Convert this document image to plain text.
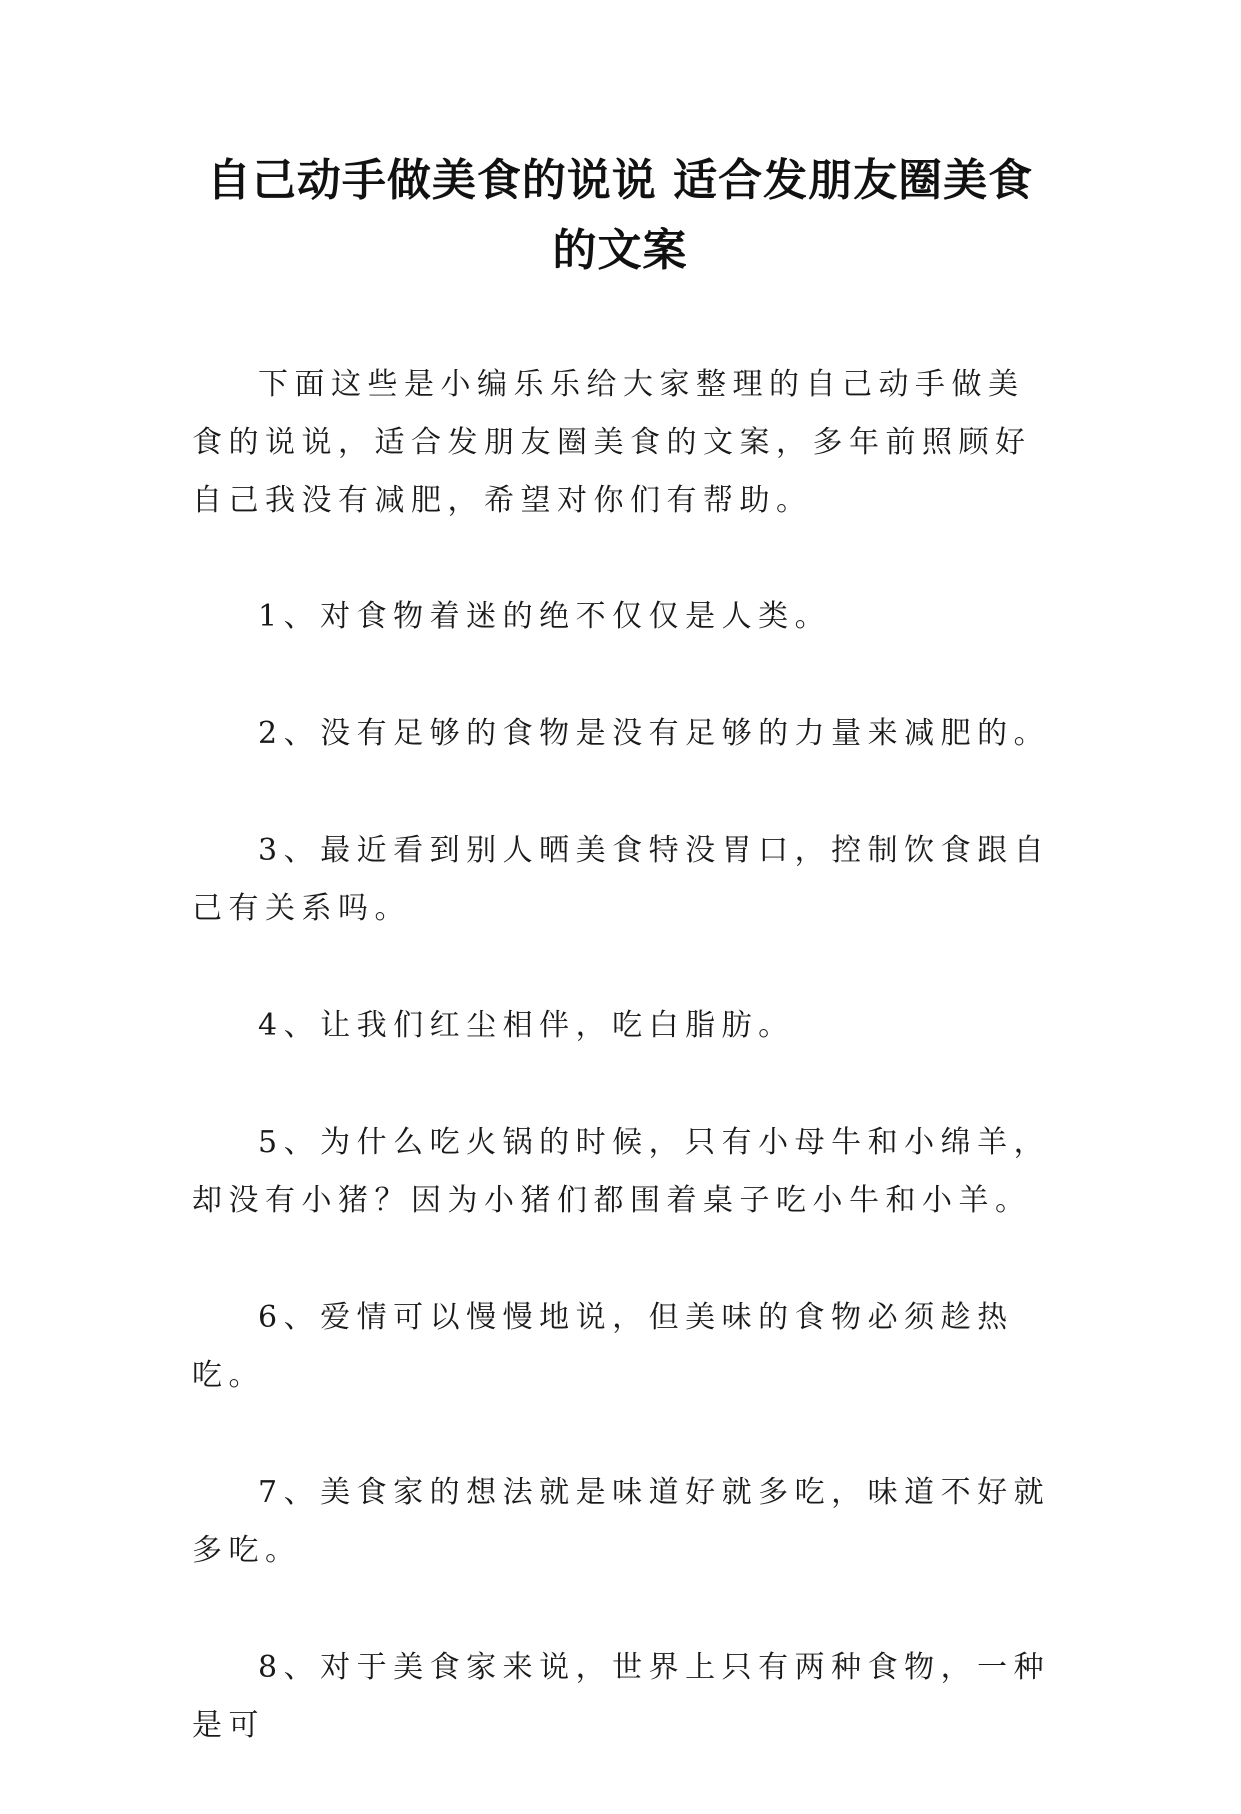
自己动手做美食的说说 适合发朋友圈美食
的文案

下面这些是小编乐乐给大家整理的自己动手做美食的说说，适合发朋友圈美食的文案，多年前照顾好自己我没有减肥，希望对你们有帮助。

1、对食物着迷的绝不仅仅是人类。

2、没有足够的食物是没有足够的力量来减肥的。

3、最近看到别人晒美食特没胃口，控制饮食跟自己有关系吗。

4、让我们红尘相伴，吃白脂肪。

5、为什么吃火锅的时候，只有小母牛和小绵羊，却没有小猪？因为小猪们都围着桌子吃小牛和小羊。

6、爱情可以慢慢地说，但美味的食物必须趁热吃。

7、美食家的想法就是味道好就多吃，味道不好就多吃。

8、对于美食家来说，世界上只有两种食物，一种是可
